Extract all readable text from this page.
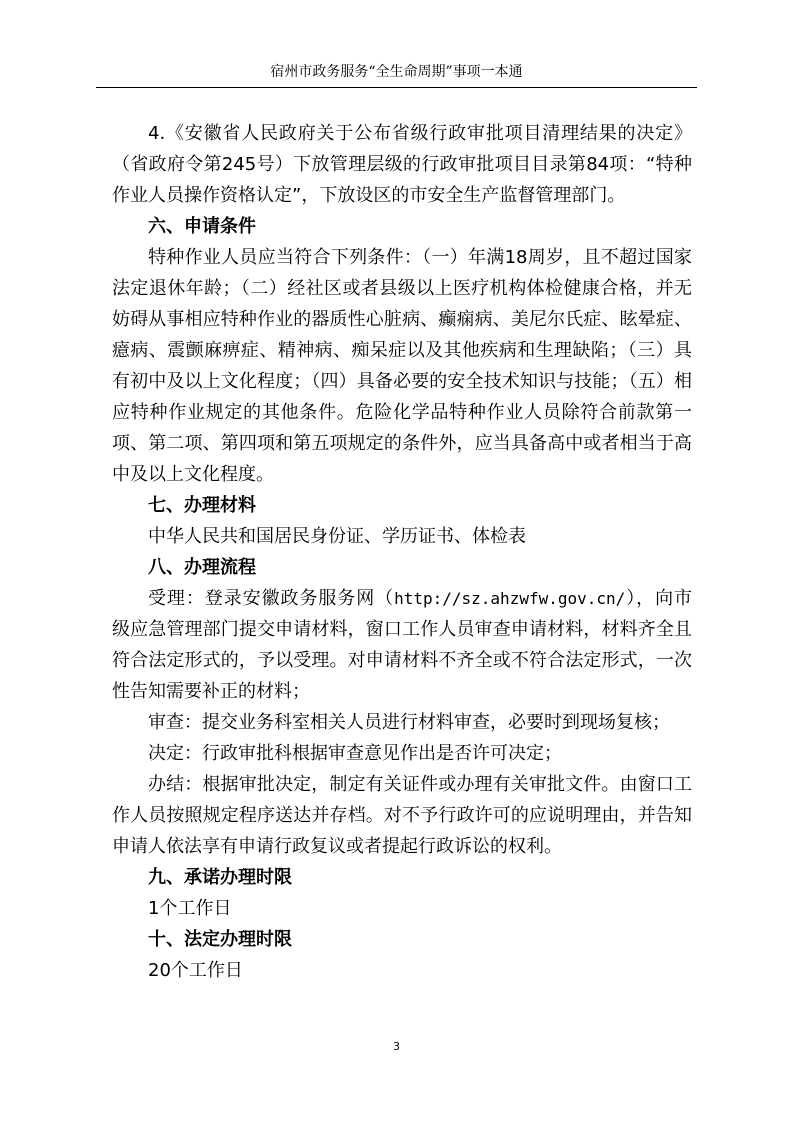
宿州市政务服务“全生命周期”事项一本通

4.《安徽省人民政府关于公布省级行政审批项目清理结果的决定》（省政府令第245号）下放管理层级的行政审批项目目录第84项：“特种作业人员操作资格认定”，下放设区的市安全生产监督管理部门。

六、申请条件

特种作业人员应当符合下列条件：（一）年满18周岁，且不超过国家法定退休年龄；（二）经社区或者县级以上医疗机构体检健康合格，并无妨碍从事相应特种作业的器质性心脏病、癫痫病、美尼尔氏症、眩晕症、癔病、震颤麻痹症、精神病、痴呆症以及其他疾病和生理缺陷；（三）具有初中及以上文化程度；（四）具备必要的安全技术知识与技能；（五）相应特种作业规定的其他条件。危险化学品特种作业人员除符合前款第一项、第二项、第四项和第五项规定的条件外，应当具备高中或者相当于高中及以上文化程度。

七、办理材料

中华人民共和国居民身份证、学历证书、体检表

八、办理流程

受理：登录安徽政务服务网（http://sz.ahzwfw.gov.cn/），向市级应急管理部门提交申请材料，窗口工作人员审查申请材料，材料齐全且符合法定形式的，予以受理。对申请材料不齐全或不符合法定形式，一次性告知需要补正的材料；

审查：提交业务科室相关人员进行材料审查，必要时到现场复核；

决定：行政审批科根据审查意见作出是否许可决定；

办结：根据审批决定，制定有关证件或办理有关审批文件。由窗口工作人员按照规定程序送达并存档。对不予行政许可的应说明理由，并告知申请人依法享有申请行政复议或者提起行政诉讼的权利。

九、承诺办理时限

1个工作日

十、法定办理时限

20个工作日

3
